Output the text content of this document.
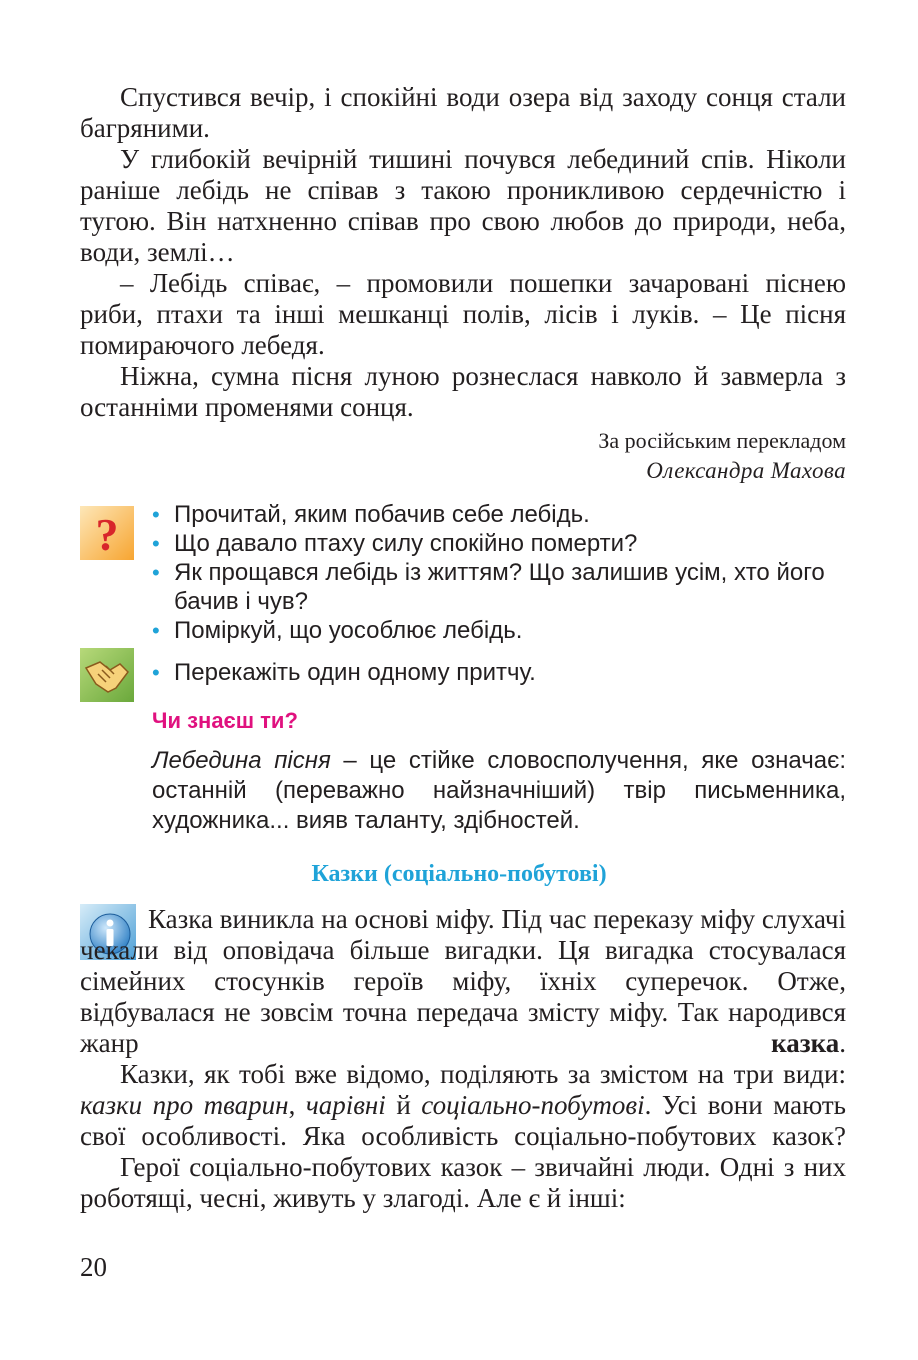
Спустився вечір, і спокійні води озера від заходу сонця стали багряними.

У глибокій вечірній тишині почувся лебединий спів. Ніколи раніше лебідь не співав з такою проникливою сердечністю і тугою. Він натхненно співав про свою любов до природи, неба, води, землі…

– Лебідь співає, – промовили пошепки зачаровані піснею риби, птахи та інші мешканці полів, лісів і луків. – Це пісня помираючого лебедя.

Ніжна, сумна пісня луною рознеслася навколо й завмерла з останніми променями сонця.

За російським перекладом
Олександра Махова
? • Прочитай, яким побачив себе лебідь.
• Що давало птаху силу спокійно померти?
• Як прощався лебідь із життям? Що залишив усім, хто його бачив і чув?
• Поміркуй, що уособлює лебідь.
• Перекажіть один одному притчу.
Чи знаєш ти?

Лебедина пісня – це стійке словосполучення, яке означає: останній (переважно найзначніший) твір письменника, художника... вияв таланту, здібностей.

Казки (соціально-побутові)

Казка виникла на основі міфу. Під час переказу міфу слухачі чекали від оповідача більше вигадки. Ця вигадка стосувалася сімейних стосунків героїв міфу, їхніх суперечок. Отже, відбувалася не зовсім точна передача змісту міфу. Так народився жанр казка.

Казки, як тобі вже відомо, поділяють за змістом на три види: казки про тварин, чарівні й соціально-побутові. Усі вони мають свої особливості. Яка особливість соціально-побутових казок?

Герої соціально-побутових казок – звичайні люди. Одні з них роботящі, чесні, живуть у злагоді. Але є й інші:

20
